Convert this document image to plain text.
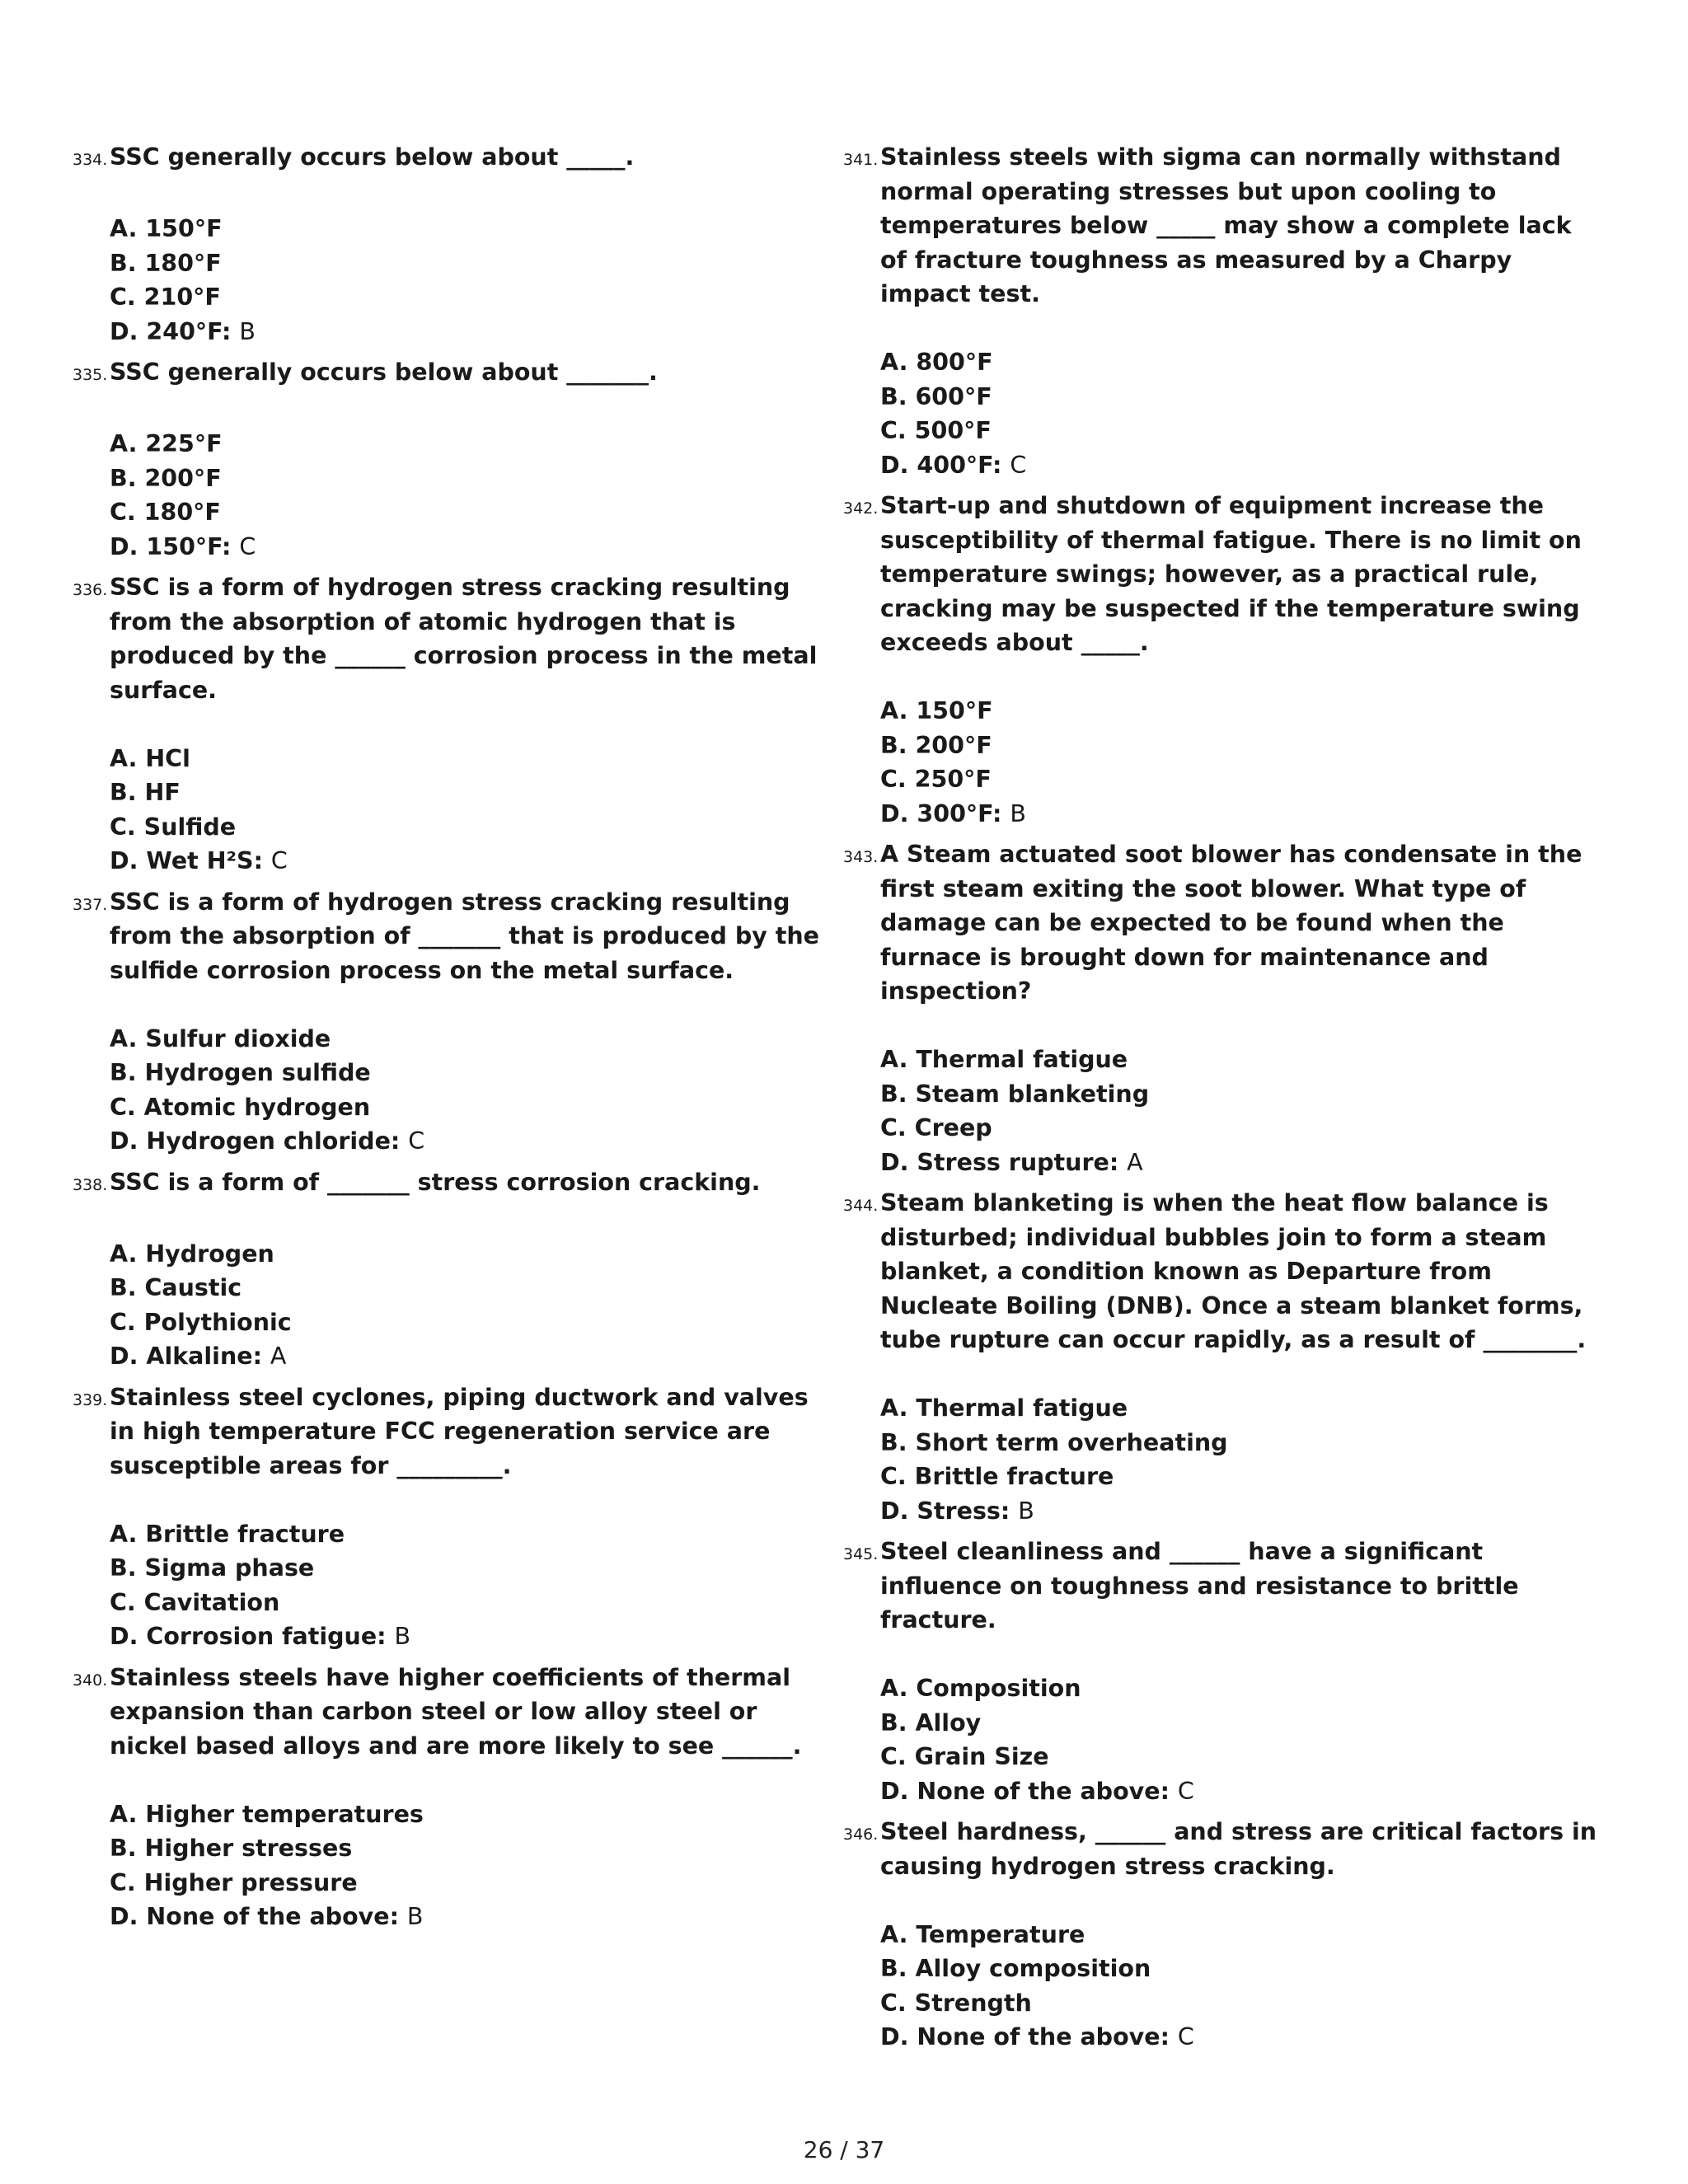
334. SSC generally occurs below about _____.
A. 150°F
B. 180°F
C. 210°F
D. 240°F: B
335. SSC generally occurs below about _______.
A. 225°F
B. 200°F
C. 180°F
D. 150°F: C
336. SSC is a form of hydrogen stress cracking resulting from the absorption of atomic hydrogen that is produced by the ______ corrosion process in the metal surface.
A. HCl
B. HF
C. Sulfide
D. Wet H²S: C
337. SSC is a form of hydrogen stress cracking resulting from the absorption of _______ that is produced by the sulfide corrosion process on the metal surface.
A. Sulfur dioxide
B. Hydrogen sulfide
C. Atomic hydrogen
D. Hydrogen chloride: C
338. SSC is a form of _______ stress corrosion cracking.
A. Hydrogen
B. Caustic
C. Polythionic
D. Alkaline: A
339. Stainless steel cyclones, piping ductwork and valves in high temperature FCC regeneration service are susceptible areas for _________.
A. Brittle fracture
B. Sigma phase
C. Cavitation
D. Corrosion fatigue: B
340. Stainless steels have higher coefficients of thermal expansion than carbon steel or low alloy steel or nickel based alloys and are more likely to see ______.
A. Higher temperatures
B. Higher stresses
C. Higher pressure
D. None of the above: B
341. Stainless steels with sigma can normally withstand normal operating stresses but upon cooling to temperatures below _____ may show a complete lack of fracture toughness as measured by a Charpy impact test.
A. 800°F
B. 600°F
C. 500°F
D. 400°F: C
342. Start-up and shutdown of equipment increase the susceptibility of thermal fatigue. There is no limit on temperature swings; however, as a practical rule, cracking may be suspected if the temperature swing exceeds about _____.
A. 150°F
B. 200°F
C. 250°F
D. 300°F: B
343. A Steam actuated soot blower has condensate in the first steam exiting the soot blower. What type of damage can be expected to be found when the furnace is brought down for maintenance and inspection?
A. Thermal fatigue
B. Steam blanketing
C. Creep
D. Stress rupture: A
344. Steam blanketing is when the heat flow balance is disturbed; individual bubbles join to form a steam blanket, a condition known as Departure from Nucleate Boiling (DNB). Once a steam blanket forms, tube rupture can occur rapidly, as a result of ________.
A. Thermal fatigue
B. Short term overheating
C. Brittle fracture
D. Stress: B
345. Steel cleanliness and ______ have a significant influence on toughness and resistance to brittle fracture.
A. Composition
B. Alloy
C. Grain Size
D. None of the above: C
346. Steel hardness, ______ and stress are critical factors in causing hydrogen stress cracking.
A. Temperature
B. Alloy composition
C. Strength
D. None of the above: C
26 / 37
